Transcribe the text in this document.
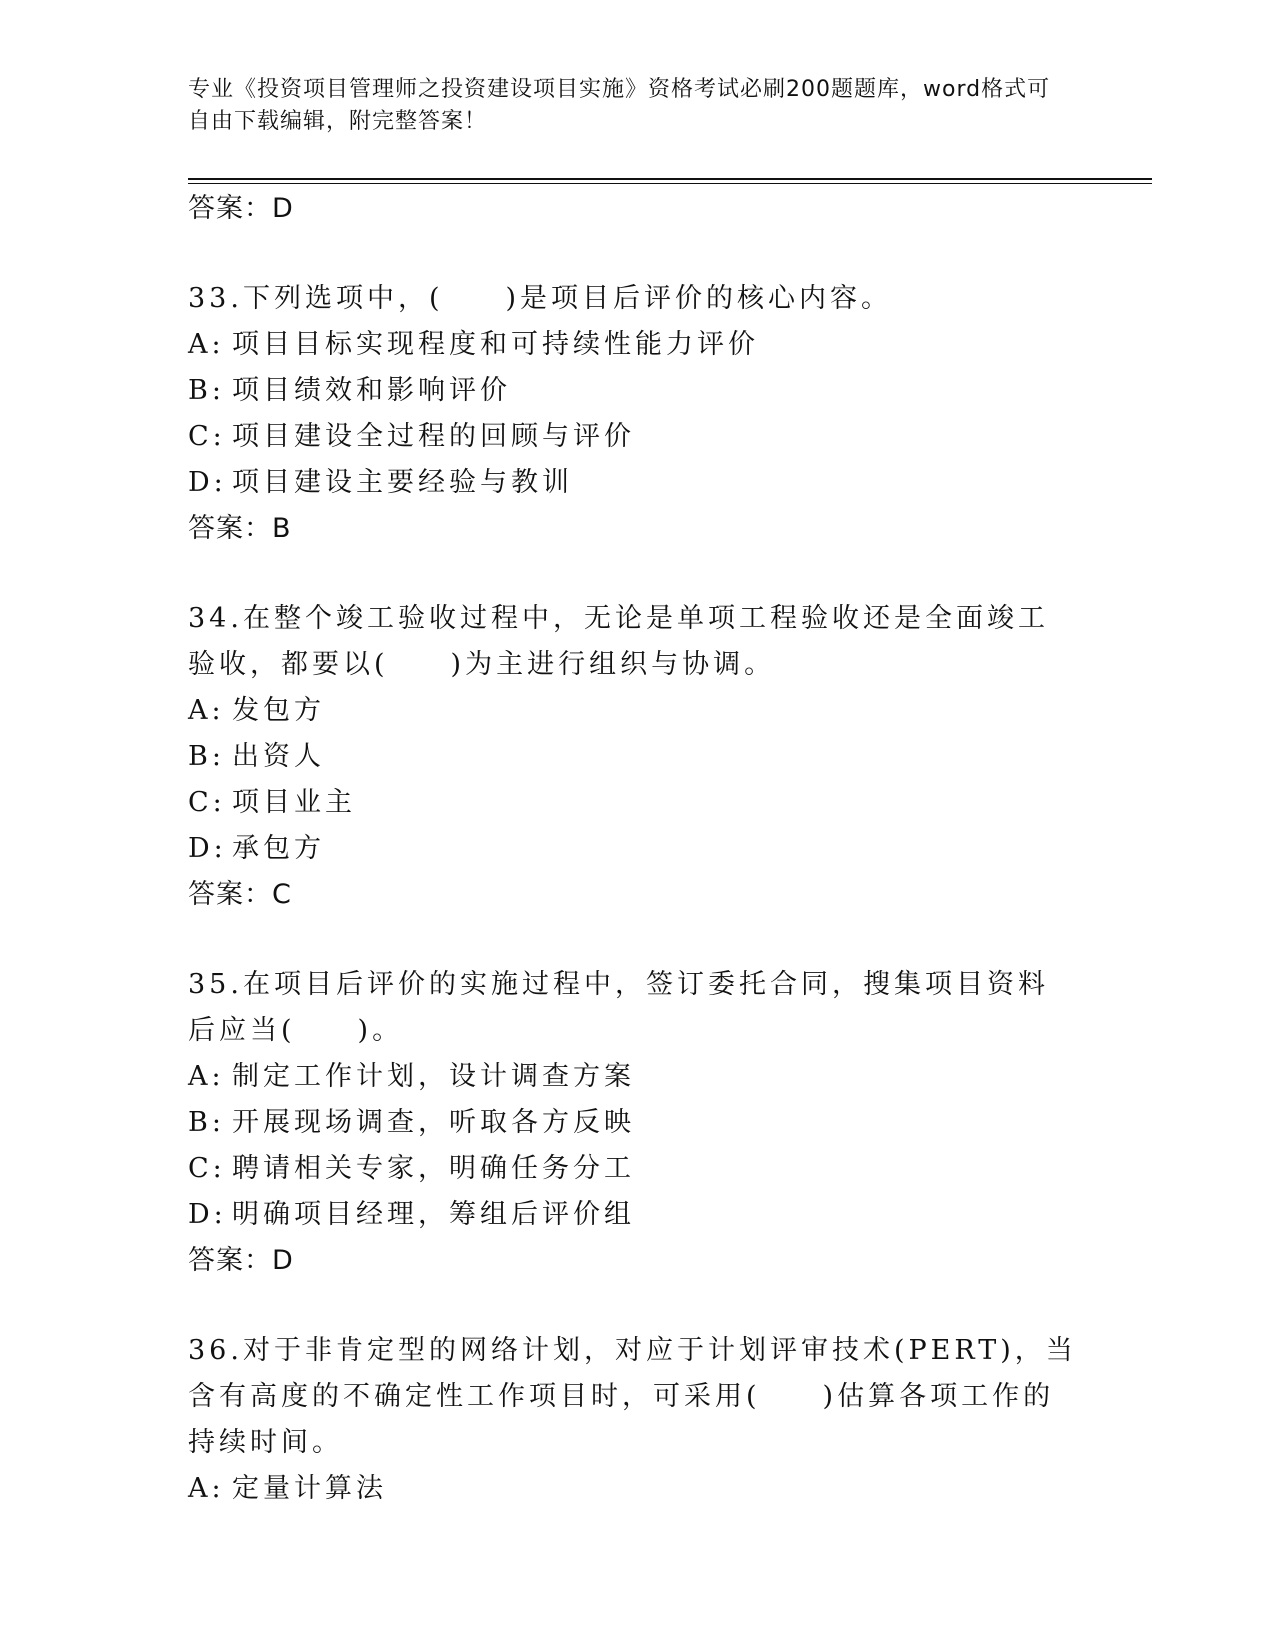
专业《投资项目管理师之投资建设项目实施》资格考试必刷200题题库，word格式可自由下载编辑，附完整答案！
答案：D
33.下列选项中，(　　)是项目后评价的核心内容。
A: 项目目标实现程度和可持续性能力评价
B: 项目绩效和影响评价
C: 项目建设全过程的回顾与评价
D: 项目建设主要经验与教训
答案：B
34.在整个竣工验收过程中，无论是单项工程验收还是全面竣工验收，都要以(　　)为主进行组织与协调。
A: 发包方
B: 出资人
C: 项目业主
D: 承包方
答案：C
35.在项目后评价的实施过程中，签订委托合同，搜集项目资料后应当(　　)。
A: 制定工作计划，设计调查方案
B: 开展现场调查，听取各方反映
C: 聘请相关专家，明确任务分工
D: 明确项目经理，筹组后评价组
答案：D
36.对于非肯定型的网络计划，对应于计划评审技术(PERT)，当含有高度的不确定性工作项目时，可采用(　　)估算各项工作的持续时间。
A: 定量计算法
